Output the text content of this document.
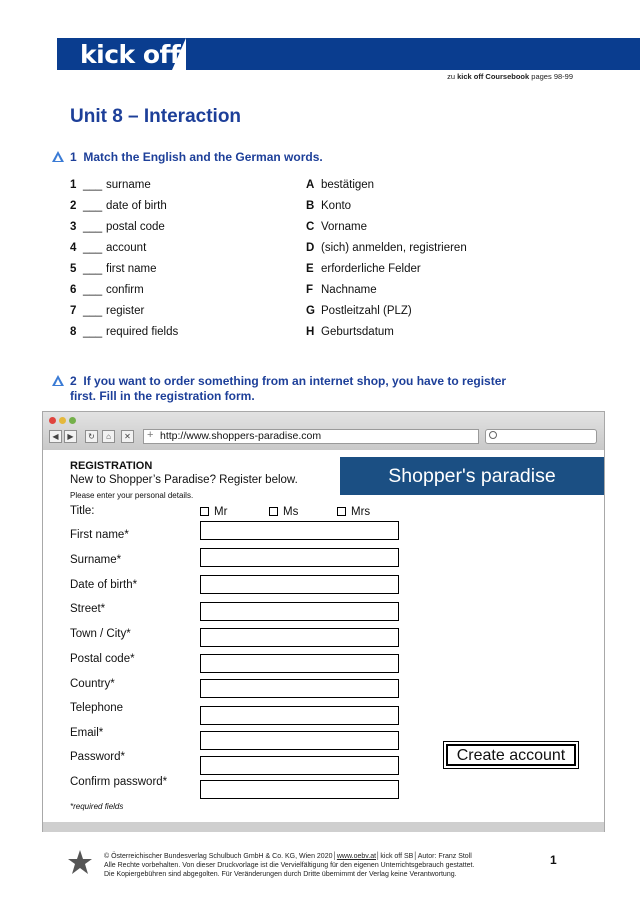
kick off
zu kick off Coursebook pages 98-99
Unit 8 – Interaction
1 Match the English and the German words.
1 ___ surname	A bestätigen
2 ___ date of birth	B Konto
3 ___ postal code	C Vorname
4 ___ account	D (sich) anmelden, registrieren
5 ___ first name	E erforderliche Felder
6 ___ confirm	F Nachname
7 ___ register	G Postleitzahl (PLZ)
8 ___ required fields	H Geburtsdatum
2 If you want to order something from an internet shop, you have to register
first. Fill in the registration form.
◀	▶	↻	⌂	✕ + http://www.shoppers-paradise.com
REGISTRATION
New to Shopper’s Paradise? Register below.
Please enter your personal details.
Shopper's paradise
Title:	Mr	Ms	Mrs
Create account
*required fields
First name*
Surname*
Date of birth*
Street*
Town / City*
Postal code*
Country*
Telephone
Email*
Password*
Confirm password*
© Österreichischer Bundesverlag Schulbuch GmbH & Co. KG, Wien 2020│www.oebv.at│kick off SB│Autor: Franz Stoll
Alle Rechte vorbehalten. Von dieser Druckvorlage ist die Vervielfältigung für den eigenen Unterrichtsgebrauch gestattet.
Die Kopiergebühren sind abgegolten. Für Veränderungen durch Dritte übernimmt der Verlag keine Verantwortung.
1
